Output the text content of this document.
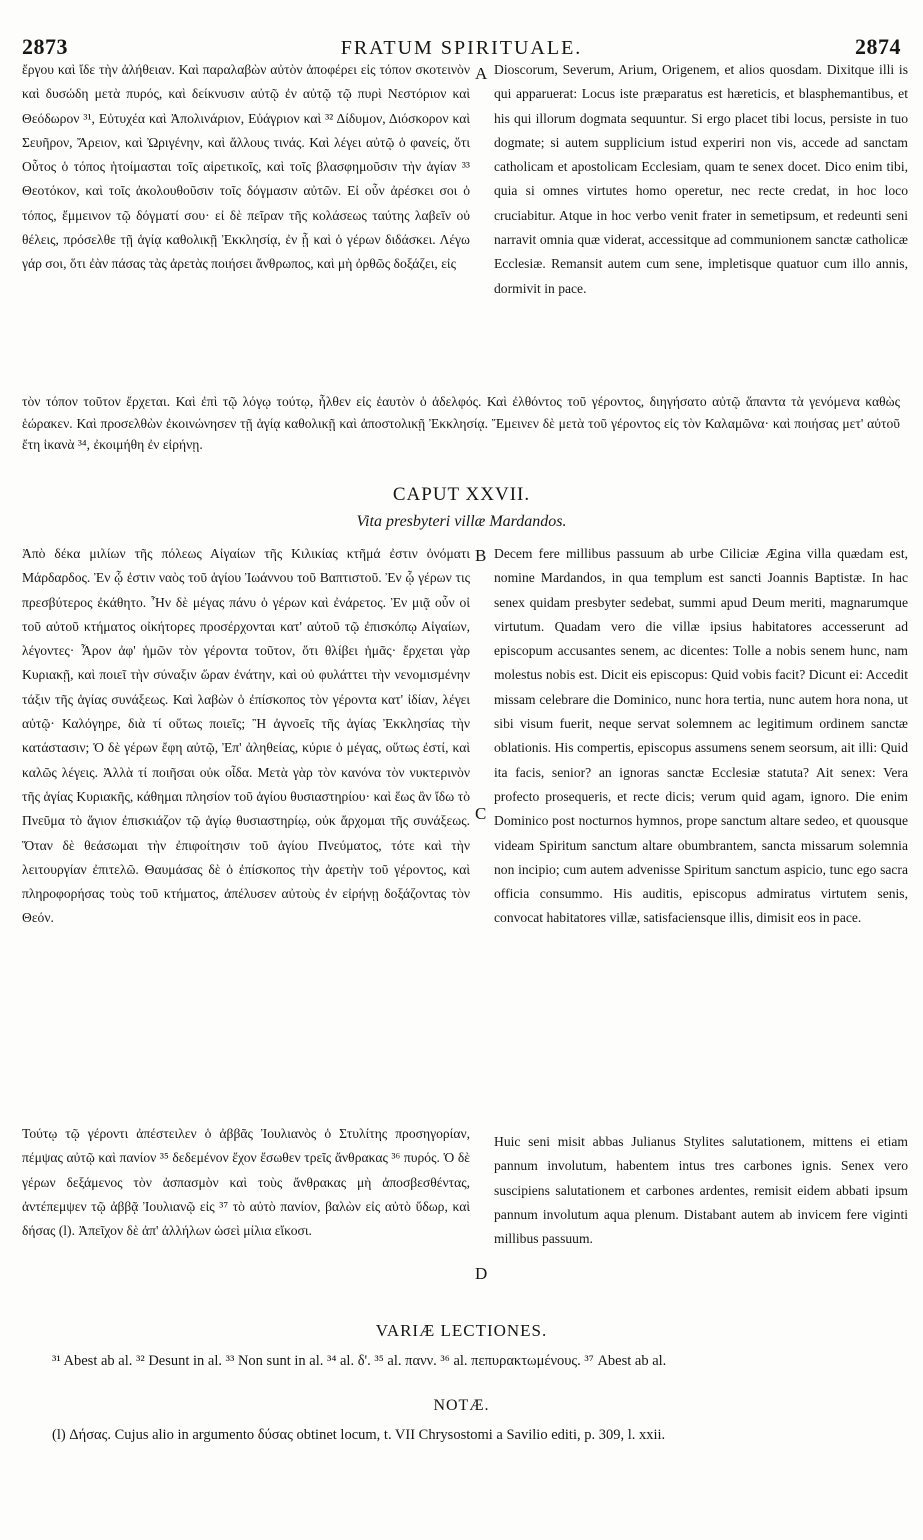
2873	FRATUM SPIRITUALE.	2874
ἔργου καὶ ἴδε τὴν ἀλήθειαν. Καὶ παραλαβὼν αὐτὸν ἀποφέρει εἰς τόπον σκοτεινὸν καὶ δυσώδη μετὰ πυρός, καὶ δείκνυσιν αὐτῷ ἐν αὐτῷ τῷ πυρὶ Νεστόριον καὶ Θεόδωρον ³¹, Εὐτυχέα καὶ Ἀπολινάριον, Εὐάγριον καὶ ³² Δίδυμον, Διόσκορον καὶ Σευῆρον, Ἄρειον, καὶ Ὠριγένην, καὶ ἄλλους τινάς. Καὶ λέγει αὐτῷ ὁ φανείς, ὅτι Οὗτος ὁ τόπος ἡτοίμασται τοῖς αἱρετικοῖς, καὶ τοῖς βλασφημοῦσιν τὴν ἁγίαν ³³ Θεοτόκον, καὶ τοῖς ἀκολουθοῦσιν τοῖς δόγμασιν αὐτῶν. Εἰ οὖν ἀρέσκει σοι ὁ τόπος, ἔμμεινον τῷ δόγματί σου· εἰ δὲ πεῖραν τῆς κολάσεως ταύτης λαβεῖν οὐ θέλεις, πρόσελθε τῇ ἁγίᾳ καθολικῇ Ἐκκλησίᾳ, ἐν ᾗ καὶ ὁ γέρων διδάσκει. Λέγω γάρ σοι, ὅτι ἐὰν πάσας τὰς ἀρετὰς ποιήσει ἄνθρωπος, καὶ μὴ ὀρθῶς δοξάζει, εἰς
A Dioscorum, Severum, Arium, Origenem, et alios quosdam. Dixitque illi is qui apparuerat: Locus iste præparatus est hæreticis, et blasphemantibus, et his qui illorum dogmata sequuntur. Si ergo placet tibi locus, persiste in tuo dogmate; si autem supplicium istud experiri non vis, accede ad sanctam catholicam et apostolicam Ecclesiam, quam te senex docet. Dico enim tibi, quia si omnes virtutes homo operetur, nec recte credat, in hoc loco cruciabitur. Atque in hoc verbo venit frater in semetipsum, et redeunti seni narravit omnia quæ viderat, accessitque ad communionem sanctæ catholicæ Ecclesiæ. Remansit autem cum sene, impletisque quatuor cum illo annis, dormivit in pace.
τὸν τόπον τοῦτον ἔρχεται. Καὶ ἐπὶ τῷ λόγῳ τούτῳ, ἦλθεν εἰς ἑαυτὸν ὁ ἀδελφός. Καὶ ἐλθόντος τοῦ γέροντος, διηγήσατο αὐτῷ ἅπαντα τὰ γενόμενα καθὼς ἑώρακεν. Καὶ προσελθὼν ἐκοινώνησεν τῇ ἁγίᾳ καθολικῇ καὶ ἀποστολικῇ Ἐκκλησίᾳ. Ἔμεινεν δὲ μετὰ τοῦ γέροντος εἰς τὸν Καλαμῶνα· καὶ ποιήσας μετ' αὐτοῦ ἔτη ἱκανὰ ³⁴, ἐκοιμήθη ἐν εἰρήνῃ.
CAPUT XXVII.
Vita presbyteri villæ Mardandos.
Ἀπὸ δέκα μιλίων τῆς πόλεως Αἰγαίων τῆς Κιλικίας κτῆμά ἐστιν ὀνόματι Μάρδαρδος. Ἐν ᾧ ἐστιν ναὸς τοῦ ἁγίου Ἰωάννου τοῦ Βαπτιστοῦ. Ἐν ᾧ γέρων τις πρεσβύτερος ἐκάθητο. Ἦν δὲ μέγας πάνυ ὁ γέρων καὶ ἐνάρετος. Ἐν μιᾷ οὖν οἱ τοῦ αὐτοῦ κτήματος οἰκήτορες προσέρχονται κατ' αὐτοῦ τῷ ἐπισκόπῳ Αἰγαίων, λέγοντες· Ἆρον ἀφ' ἡμῶν τὸν γέροντα τοῦτον, ὅτι θλίβει ἡμᾶς· ἔρχεται γὰρ Κυριακῇ, καὶ ποιεῖ τὴν σύναξιν ὥραν ἐνάτην, καὶ οὐ φυλάττει τὴν νενομισμένην τάξιν τῆς ἁγίας συνάξεως. Καὶ λαβὼν ὁ ἐπίσκοπος τὸν γέροντα κατ' ἰδίαν, λέγει αὐτῷ· Καλόγηρε, διὰ τί οὕτως ποιεῖς; Ἢ ἀγνοεῖς τῆς ἁγίας Ἐκκλησίας τὴν κατάστασιν; Ὁ δὲ γέρων ἔφη αὐτῷ, Ἐπ' ἀληθείας, κύριε ὁ μέγας, οὕτως ἐστί, καὶ καλῶς λέγεις. Ἀλλὰ τί ποιῆσαι οὐκ οἶδα. Μετὰ γὰρ τὸν κανόνα τὸν νυκτερινὸν τῆς ἁγίας Κυριακῆς, κάθημαι πλησίον τοῦ ἁγίου θυσιαστηρίου· καὶ ἕως ἂν ἴδω τὸ Πνεῦμα τὸ ἅγιον ἐπισκιάζον τῷ ἁγίῳ θυσιαστηρίῳ, οὐκ ἄρχομαι τῆς συνάξεως. Ὅταν δὲ θεάσωμαι τὴν ἐπιφοίτησιν τοῦ ἁγίου Πνεύματος, τότε καὶ τὴν λειτουργίαν ἐπιτελῶ. Θαυμάσας δὲ ὁ ἐπίσκοπος τὴν ἀρετὴν τοῦ γέροντος, καὶ πληροφορήσας τοὺς τοῦ κτήματος, ἀπέλυσεν αὐτοὺς ἐν εἰρήνῃ δοξάζοντας τὸν Θεόν.
B
C
Decem fere millibus passuum ab urbe Ciliciæ Ægina villa quædam est, nomine Mardandos, in qua templum est sancti Joannis Baptistæ. In hac senex quidam presbyter sedebat, summi apud Deum meriti, magnarumque virtutum. Quadam vero die villæ ipsius habitatores accesserunt ad episcopum accusantes senem, ac dicentes: Tolle a nobis senem hunc, nam molestus nobis est. Dicit eis episcopus: Quid vobis facit? Dicunt ei: Accedit missam celebrare die Dominico, nunc hora tertia, nunc autem hora nona, ut sibi visum fuerit, neque servat solemnem ac legitimum ordinem sanctæ oblationis. His compertis, episcopus assumens senem seorsum, ait illi: Quid ita facis, senior? an ignoras sanctæ Ecclesiæ statuta? Ait senex: Vera profecto prosequeris, et recte dicis; verum quid agam, ignoro. Die enim Dominico post nocturnos hymnos, prope sanctum altare sedeo, et quousque videam Spiritum sanctum altare obumbrantem, sancta missarum solemnia non incipio; cum autem advenisse Spiritum sanctum aspicio, tunc ego sacra officia consummo. His auditis, episcopus admiratus virtutem senis, convocat habitatores villæ, satisfaciensque illis, dimisit eos in pace.
Τούτῳ τῷ γέροντι ἀπέστειλεν ὁ ἀββᾶς Ἰουλιανὸς ὁ Στυλίτης προσηγορίαν, πέμψας αὐτῷ καὶ πανίον ³⁵ δεδεμένον ἔχον ἔσωθεν τρεῖς ἄνθρακας ³⁶ πυρός. Ὁ δὲ γέρων δεξάμενος τὸν ἀσπασμὸν καὶ τοὺς ἄνθρακας μὴ ἀποσβεσθέντας, ἀντέπεμψεν τῷ ἀββᾷ Ἰουλιανῷ εἰς ³⁷ τὸ αὐτὸ πανίον, βαλὼν εἰς αὐτὸ ὕδωρ, καὶ δήσας (l). Ἀπεῖχον δὲ ἀπ' ἀλλήλων ὡσεὶ μίλια εἴκοσι.
D
Huic seni misit abbas Julianus Stylites salutationem, mittens ei etiam pannum involutum, habentem intus tres carbones ignis. Senex vero suscipiens salutationem et carbones ardentes, remisit eidem abbati ipsum pannum involutum aqua plenum. Distabant autem ab invicem fere viginti millibus passuum.
VARIÆ LECTIONES.
³¹ Abest ab al. ³² Desunt in al. ³³ Non sunt in al. ³⁴ al. δ'. ³⁵ al. πανν. ³⁶ al. πεπυρακτωμένους. ³⁷ Abest ab al.
NOTÆ.
(l) Δήσας. Cujus alio in argumento δύσας obtinet locum, t. VII Chrysostomi a Savilio editi, p. 309, l. xxii.
